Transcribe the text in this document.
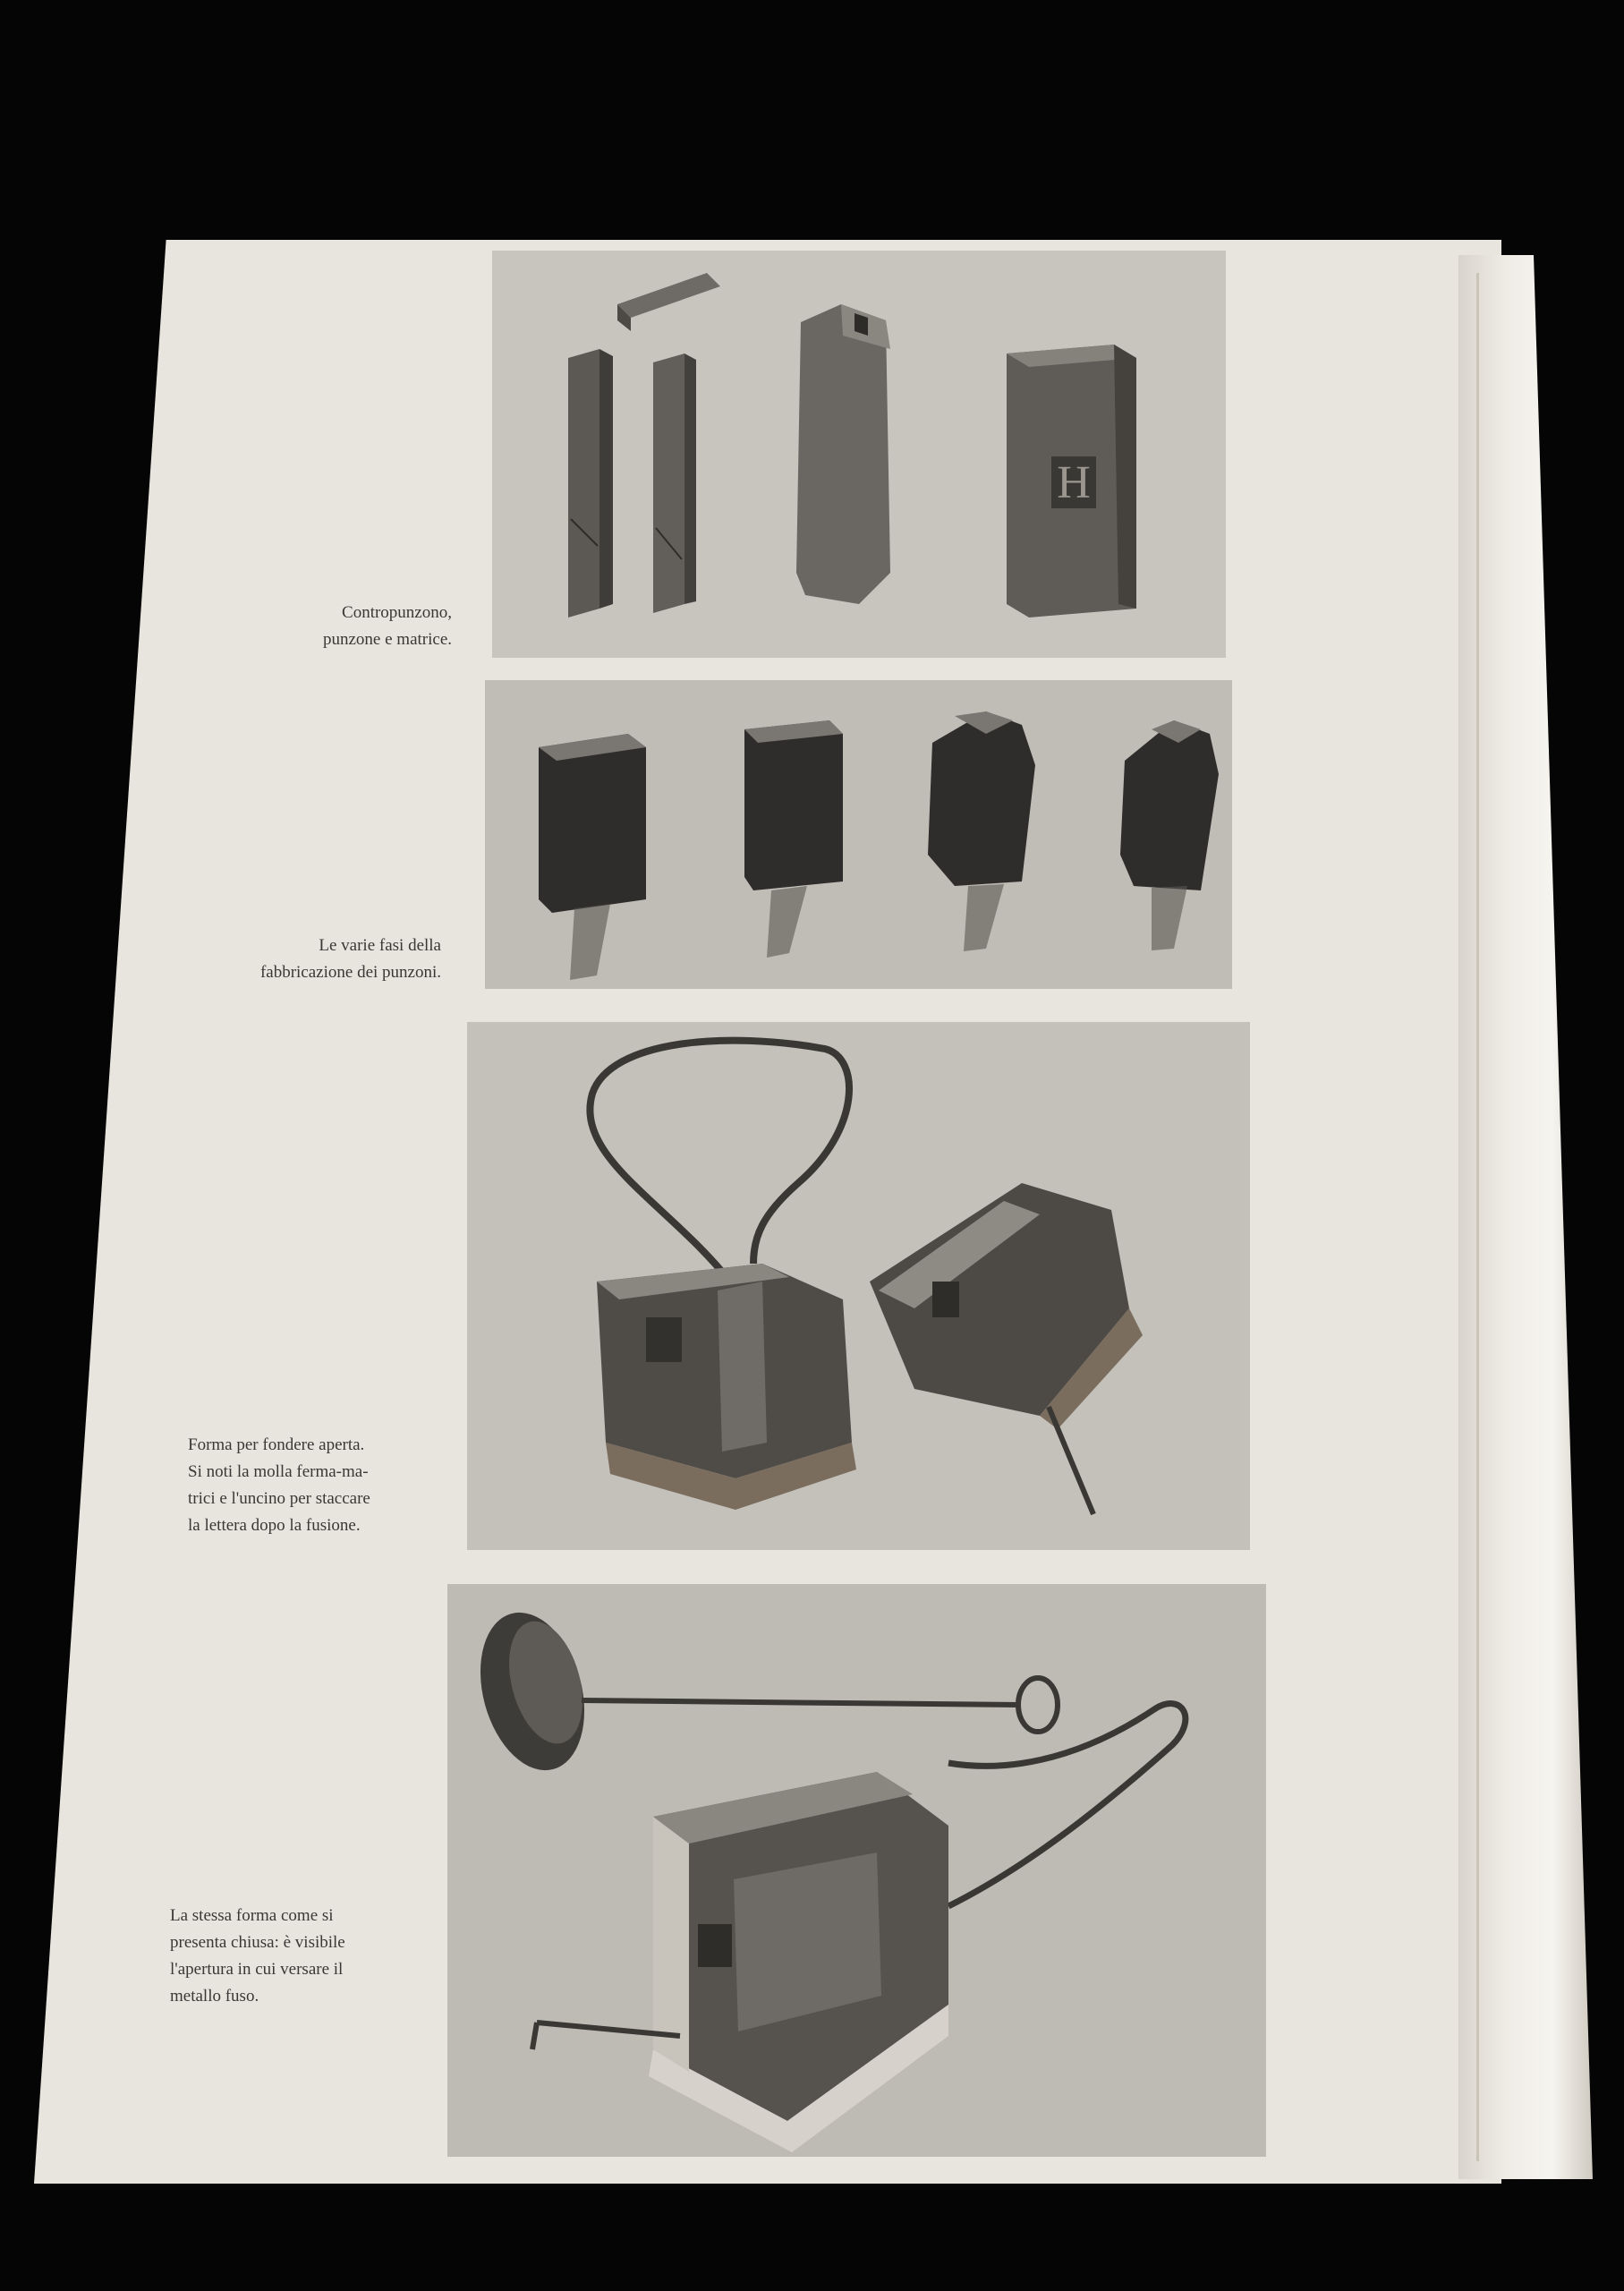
H
Contropunzono,
punzone e matrice.
Le varie fasi della
fabbricazione dei punzoni.
Forma per fondere aperta.
Si noti la molla ferma-ma-
trici e l'uncino per staccare
la lettera dopo la fusione.
La stessa forma come si
presenta chiusa: è visibile
l'apertura in cui versare il
metallo fuso.
